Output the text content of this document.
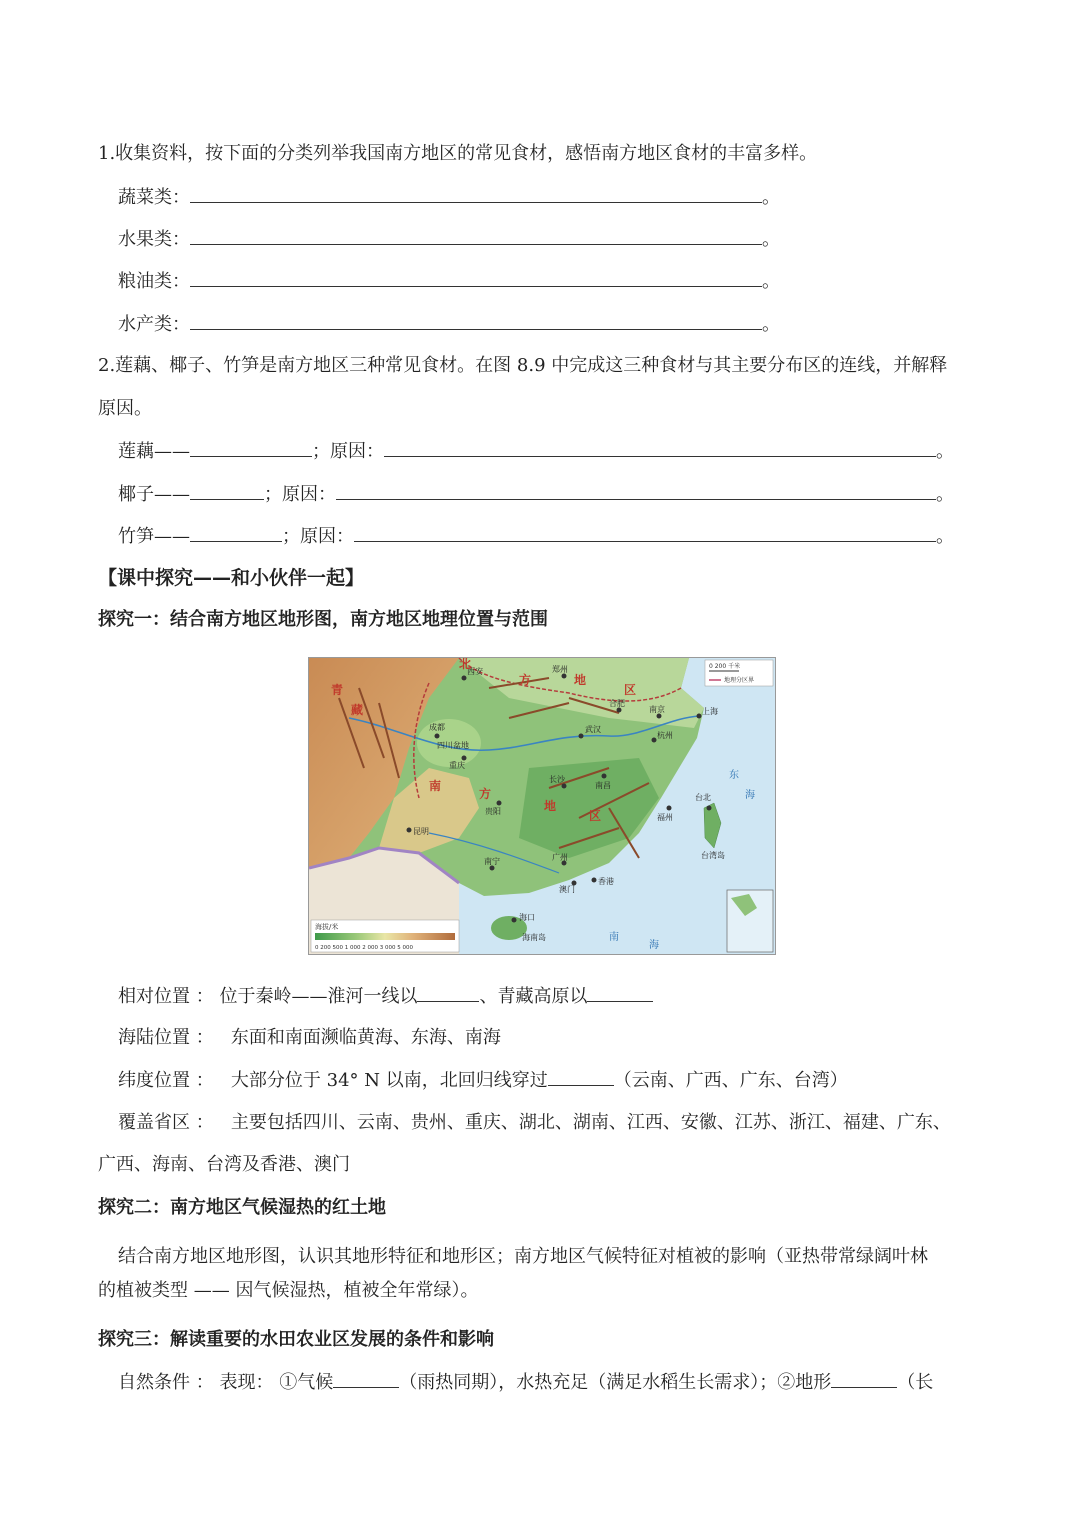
1.收集资料，按下面的分类列举我国南方地区的常见食材，感悟南方地区食材的丰富多样。
蔬菜类：	。
水果类：	。
粮油类：	。
水产类：	。
2.莲藕、椰子、竹笋是南方地区三种常见食材。在图 8.9 中完成这三种食材与其主要分布区的连线，并解释
原因。
莲藕——	；原因：	。
椰子——	；原因：	。
竹笋——	；原因：	。
【课中探究——和小伙伴一起】
探究一：结合南方地区地形图，南方地区地理位置与范围
西安	郑州
合肥
南京	上海
成都
四川盆地
重庆
武汉
杭州
长沙
南昌
贵阳
昆明
福州
台北
南宁	广州
香港
澳门
海口
海南岛
台湾岛
北
方	地
区
青
藏
南
方
地
区
东
海
南
海
0 200 千米
地理分区界
海拔/米
0 200 500 1 000 2 000 3 000 5 000
相对位置 ： 位于秦岭——淮河一线以	、青藏高原以
海陆位置 ： 东面和南面濒临黄海、东海、南海
纬度位置 ： 大部分位于 34° N 以南，北回归线穿过	（云南、广西、广东、台湾）
覆盖省区 ： 主要包括四川、云南、贵州、重庆、湖北、湖南、江西、安徽、江苏、浙江、福建、广东、
广西、海南、台湾及香港、澳门
探究二：南方地区气候湿热的红土地
结合南方地区地形图，认识其地形特征和地形区；南方地区气候特征对植被的影响（亚热带常绿阔叶林
的植被类型 —— 因气候湿热，植被全年常绿）。
探究三：解读重要的水田农业区发展的条件和影响
自然条件 ： 表现： ①气候	（雨热同期），水热充足（满足水稻生长需求）；②地形	（长
